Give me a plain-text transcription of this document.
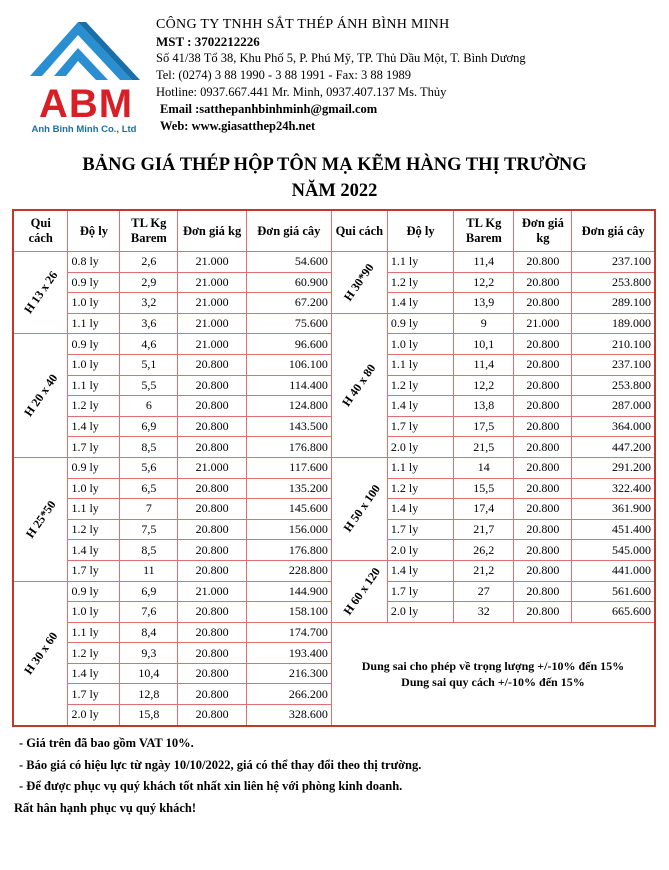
ABM
Anh Binh Minh Co., Ltd
CÔNG TY TNHH SẮT THÉP ÁNH BÌNH MINH
MST : 3702212226
Số 41/38 Tổ 38, Khu Phố 5, P. Phú Mỹ, TP. Thủ Dầu Một, T. Bình Dương
Tel: (0274) 3 88 1990 - 3 88 1991 - Fax: 3 88 1989
Hotline: 0937.667.441 Mr. Minh, 0937.407.137 Ms. Thủy
Email :satthepanhbinhminh@gmail.com
Web: www.giasatthep24h.net
BẢNG GIÁ THÉP HỘP TÔN MẠ KẼM HÀNG THỊ TRƯỜNG
NĂM 2022
Qui cách	Độ ly	TL Kg Barem	Đơn giá kg	Đơn giá cây	Qui cách	Độ ly	TL Kg Barem	Đơn giá kg	Đơn giá cây
H 13 x 26	0.8 ly	2,6	21.000	54.600	H 30*90	1.1 ly	11,4	20.800	237.100
	0.9 ly	2,9	21.000	60.900		1.2 ly	12,2	20.800	253.800
	1.0 ly	3,2	21.000	67.200		1.4 ly	13,9	20.800	289.100
	1.1 ly	3,6	21.000	75.600	H 40 x 80	0.9 ly	9	21.000	189.000
H 20 x 40	0.9 ly	4,6	21.000	96.600		1.0 ly	10,1	20.800	210.100
	1.0 ly	5,1	20.800	106.100		1.1 ly	11,4	20.800	237.100
	1.1 ly	5,5	20.800	114.400		1.2 ly	12,2	20.800	253.800
	1.2 ly	6	20.800	124.800		1.4 ly	13,8	20.800	287.000
	1.4 ly	6,9	20.800	143.500		1.7 ly	17,5	20.800	364.000
	1.7 ly	8,5	20.800	176.800		2.0 ly	21,5	20.800	447.200
H 25*50	0.9 ly	5,6	21.000	117.600	H 50 x 100	1.1 ly	14	20.800	291.200
	1.0 ly	6,5	20.800	135.200		1.2 ly	15,5	20.800	322.400
	1.1 ly	7	20.800	145.600		1.4 ly	17,4	20.800	361.900
	1.2 ly	7,5	20.800	156.000		1.7 ly	21,7	20.800	451.400
	1.4 ly	8,5	20.800	176.800		2.0 ly	26,2	20.800	545.000
	1.7 ly	11	20.800	228.800	H 60 x 120	1.4 ly	21,2	20.800	441.000
H 30 x 60	0.9 ly	6,9	21.000	144.900		1.7 ly	27	20.800	561.600
	1.0 ly	7,6	20.800	158.100		2.0 ly	32	20.800	665.600
	1.1 ly	8,4	20.800	174.700	Dung sai cho phép về trọng lượng +/-10% đến 15%
Dung sai quy cách +/-10% đến 15%				

	1.2 ly	9,3	20.800	193.400					
	1.4 ly	10,4	20.800	216.300					
	1.7 ly	12,8	20.800	266.200					
	2.0 ly	15,8	20.800	328.600					
- Giá trên đã bao gồm VAT 10%.
- Báo giá có hiệu lực từ ngày 10/10/2022, giá có thể thay đổi theo thị trường.
- Để được phục vụ quý khách tốt nhất xin liên hệ với phòng kinh doanh.
Rất hân hạnh phục vụ quý khách!
